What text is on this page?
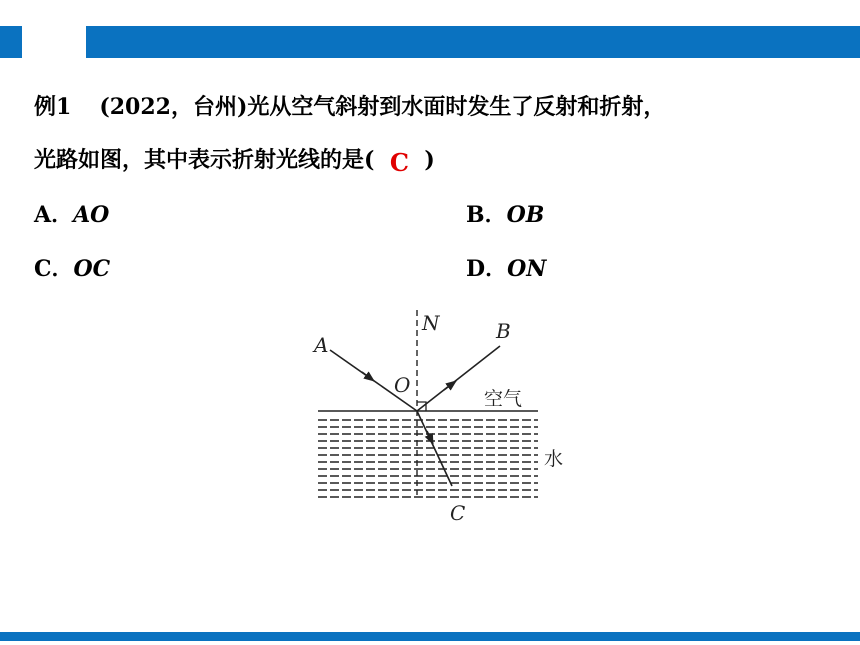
例1 (2022，台州)光从空气斜射到水面时发生了反射和折射，
光路如图，其中表示折射光线的是( C )
A．AO	B．OB
C．OC	D．ON
A
N	B
O
C
空气
水
